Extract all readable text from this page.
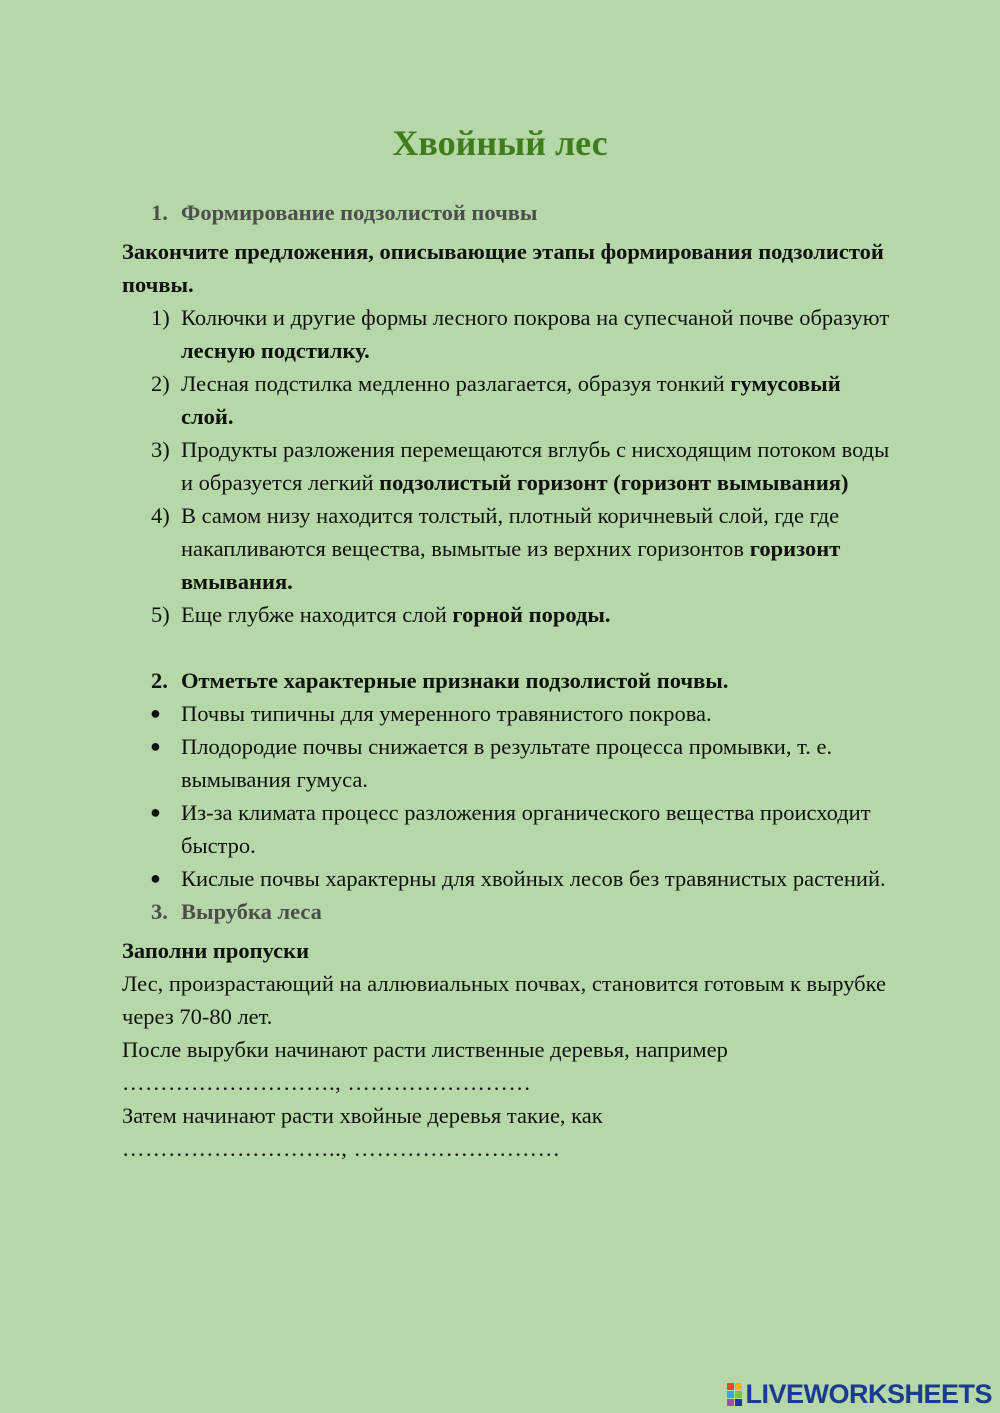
Хвойный лес
1. Формирование подзолистой почвы
Закончите предложения, описывающие этапы формирования подзолистой почвы.
1) Колючки и другие формы лесного покрова на супесчаной почве образуют лесную подстилку.
2) Лесная подстилка медленно разлагается, образуя тонкий гумусовый слой.
3) Продукты разложения перемещаются вглубь с нисходящим потоком воды и образуется легкий подзолистый горизонт (горизонт вымывания)
4) В самом низу находится толстый, плотный коричневый слой, где где накапливаются вещества, вымытые из верхних горизонтов горизонт вмывания.
5) Еще глубже находится слой горной породы.
2. Отметьте характерные признаки подзолистой почвы.
● Почвы типичны для умеренного травянистого покрова.
● Плодородие почвы снижается в результате процесса промывки, т. е. вымывания гумуса.
● Из-за климата процесс разложения органического вещества происходит быстро.
● Кислые почвы характерны для хвойных лесов без травянистых растений.
3. Вырубка леса
Заполни пропуски
Лес, произрастающий на аллювиальных почвах, становится готовым к вырубке через 70-80 лет.
После вырубки начинают расти лиственные деревья, например
………………………., ……………………
Затем начинают расти хвойные деревья такие, как
……………………….., ………………………
LIVEWORKSHEETS
